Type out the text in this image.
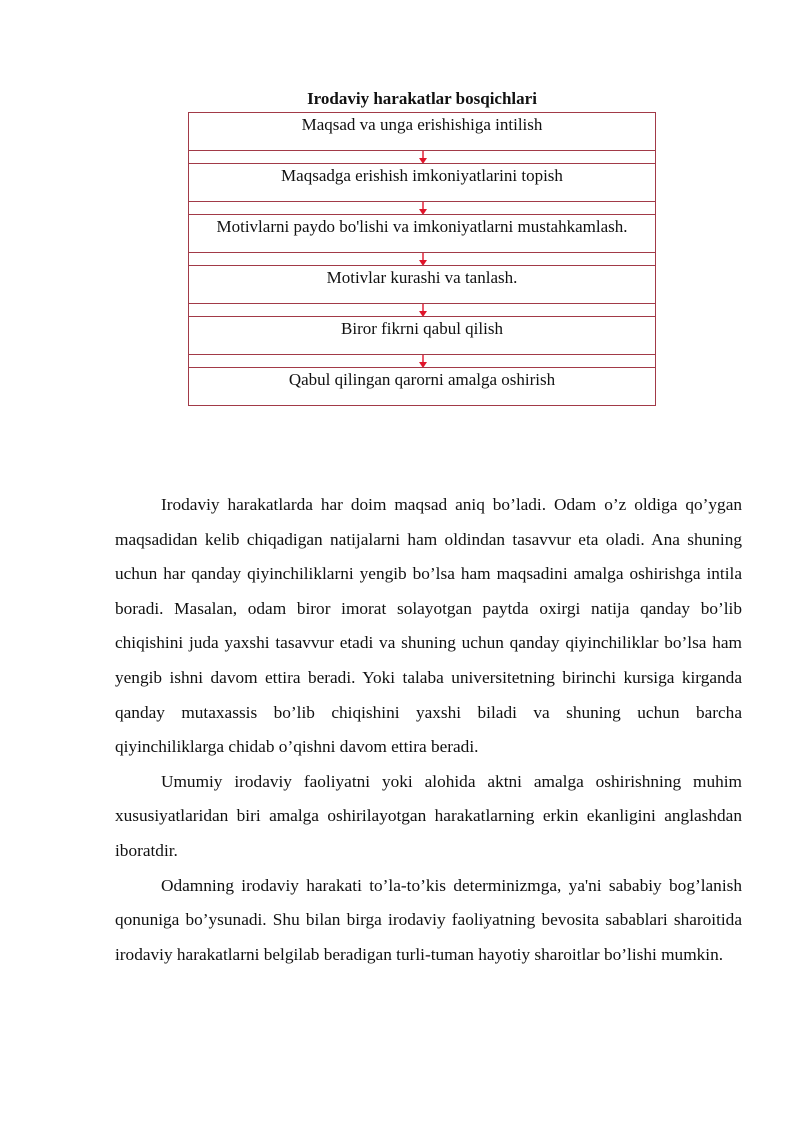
Irodaviy harakatlar bosqichlari
Maqsad va unga erishishiga intilish
Maqsadga erishish imkoniyatlarini topish
Motivlarni paydo bo'lishi va imkoniyatlarni mustahkamlash.
Motivlar kurashi va tanlash.
Biror fikrni qabul qilish
Qabul qilingan qarorni amalga oshirish

Irodaviy harakatlarda har doim maqsad aniq bo’ladi. Odam o’z oldiga qo’ygan maqsadidan kelib chiqadigan natijalarni ham oldindan tasavvur eta oladi. Ana shuning uchun har qanday qiyinchiliklarni yengib bo’lsa ham maqsadini amalga oshirishga intila boradi. Masalan, odam biror imorat solayotgan paytda oxirgi natija qanday bo’lib chiqishini juda yaxshi tasavvur etadi va shuning uchun qanday qiyinchiliklar bo’lsa ham yengib ishni davom ettira beradi. Yoki talaba universitetning birinchi kursiga kirganda qanday mutaxassis bo’lib chiqishini yaxshi biladi va shuning uchun barcha qiyinchiliklarga chidab o’qishni davom ettira beradi.

Umumiy irodaviy faoliyatni yoki alohida aktni amalga oshirishning muhim xususiyatlaridan biri amalga oshirilayotgan harakatlarning erkin ekanligini anglashdan iboratdir.

Odamning irodaviy harakati to’la-to’kis determinizmga, ya'ni sababiy bog’lanish qonuniga bo’ysunadi. Shu bilan birga irodaviy faoliyatning bevosita sabablari sharoitida irodaviy harakatlarni belgilab beradigan turli-tuman hayotiy sharoitlar bo’lishi mumkin.
